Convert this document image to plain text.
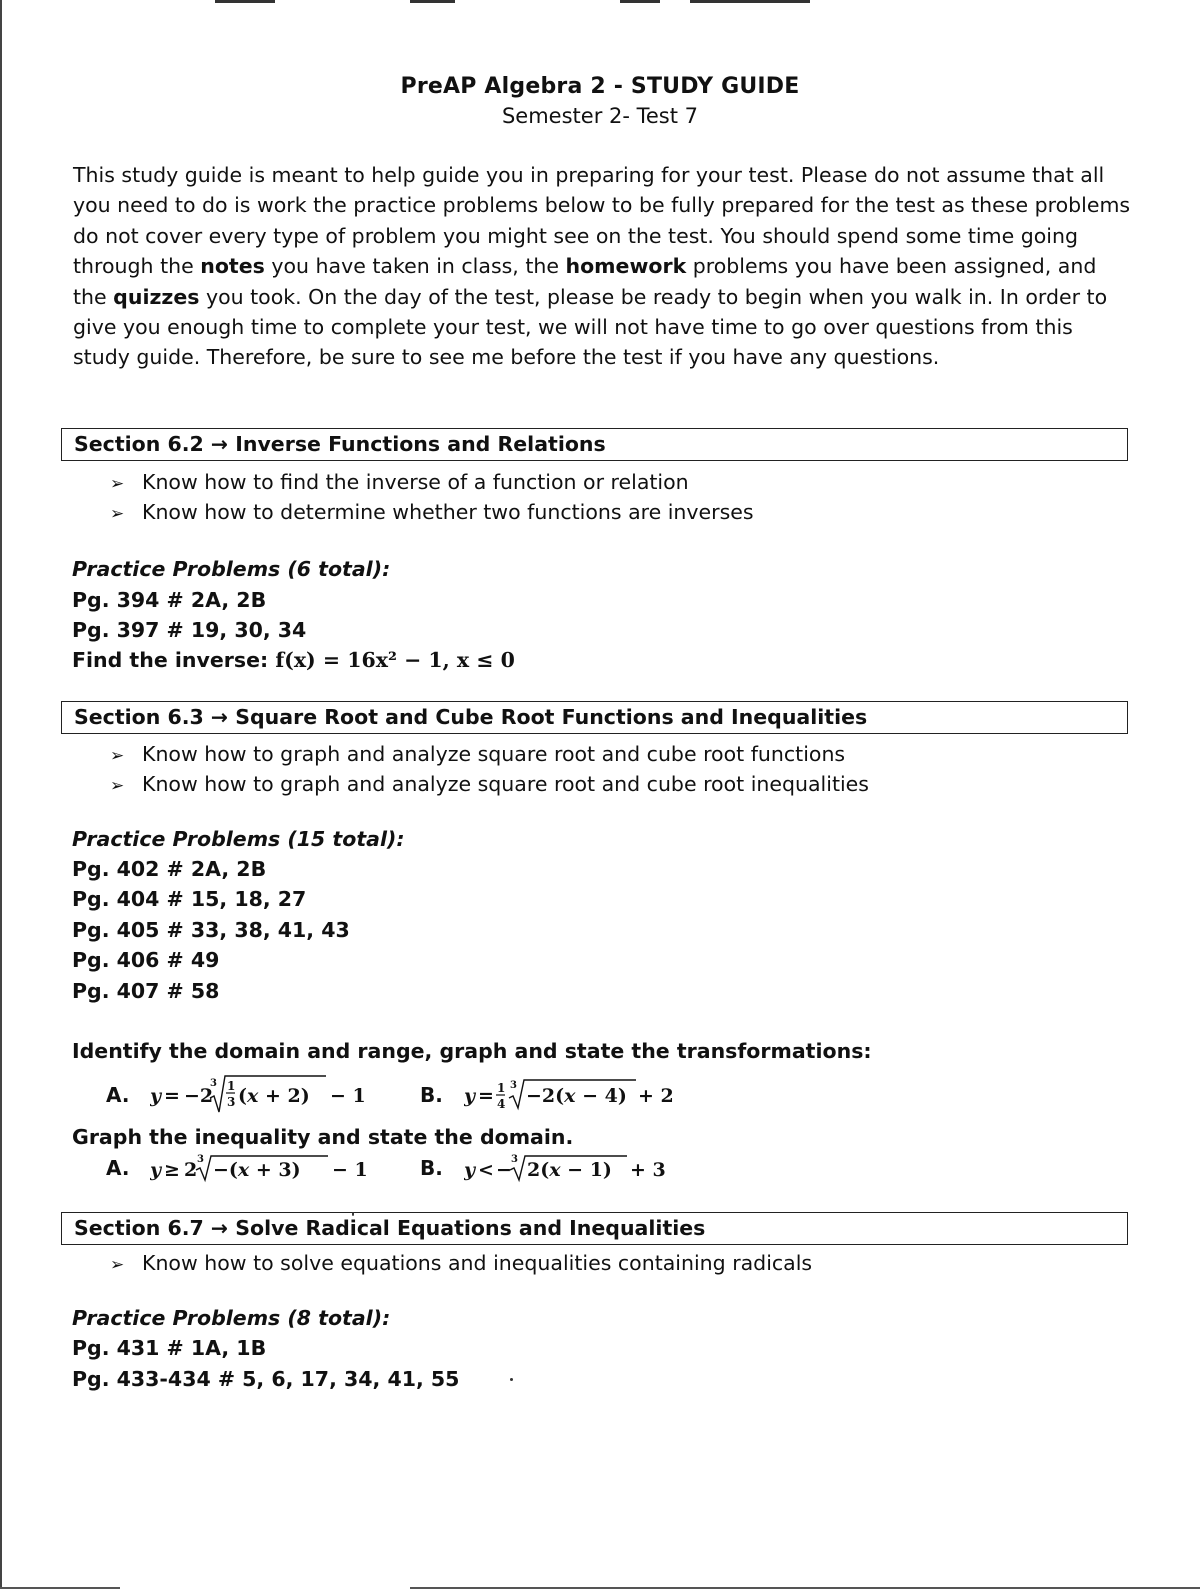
PreAP Algebra 2 - STUDY GUIDE
Semester 2- Test 7

This study guide is meant to help guide you in preparing for your test. Please do not assume that all you need to do is work the practice problems below to be fully prepared for the test as these problems do not cover every type of problem you might see on the test. You should spend some time going through the notes you have taken in class, the homework problems you have been assigned, and the quizzes you took. On the day of the test, please be ready to begin when you walk in. In order to give you enough time to complete your test, we will not have time to go over questions from this study guide. Therefore, be sure to see me before the test if you have any questions.

Section 6.2 → Inverse Functions and Relations
➢ Know how to find the inverse of a function or relation
➢ Know how to determine whether two functions are inverses
Practice Problems (6 total):
Pg. 394 # 2A, 2B
Pg. 397 # 19, 30, 34
Find the inverse: f(x) = 16x² − 1, x ≤ 0
Section 6.3 → Square Root and Cube Root Functions and Inequalities
➢ Know how to graph and analyze square root and cube root functions
➢ Know how to graph and analyze square root and cube root inequalities
Practice Problems (15 total):
Pg. 402 # 2A, 2B
Pg. 404 # 15, 18, 27
Pg. 405 # 33, 38, 41, 43
Pg. 406 # 49
Pg. 407 # 58
Identify the domain and range, graph and state the transformations:
A. y = −2
3 1
3 (x + 2) − 1	B. y = 1
4
3 −2(x − 4) + 2
Graph the inequality and state the domain.
A. y ≥ 2 3 −(x + 3) − 1	B. y < − 3 2(x − 1) + 3
Section 6.7 → Solve Radical Equations and Inequalities
➢ Know how to solve equations and inequalities containing radicals
Practice Problems (8 total):
Pg. 431 # 1A, 1B
Pg. 433-434 # 5, 6, 17, 34, 41, 55
